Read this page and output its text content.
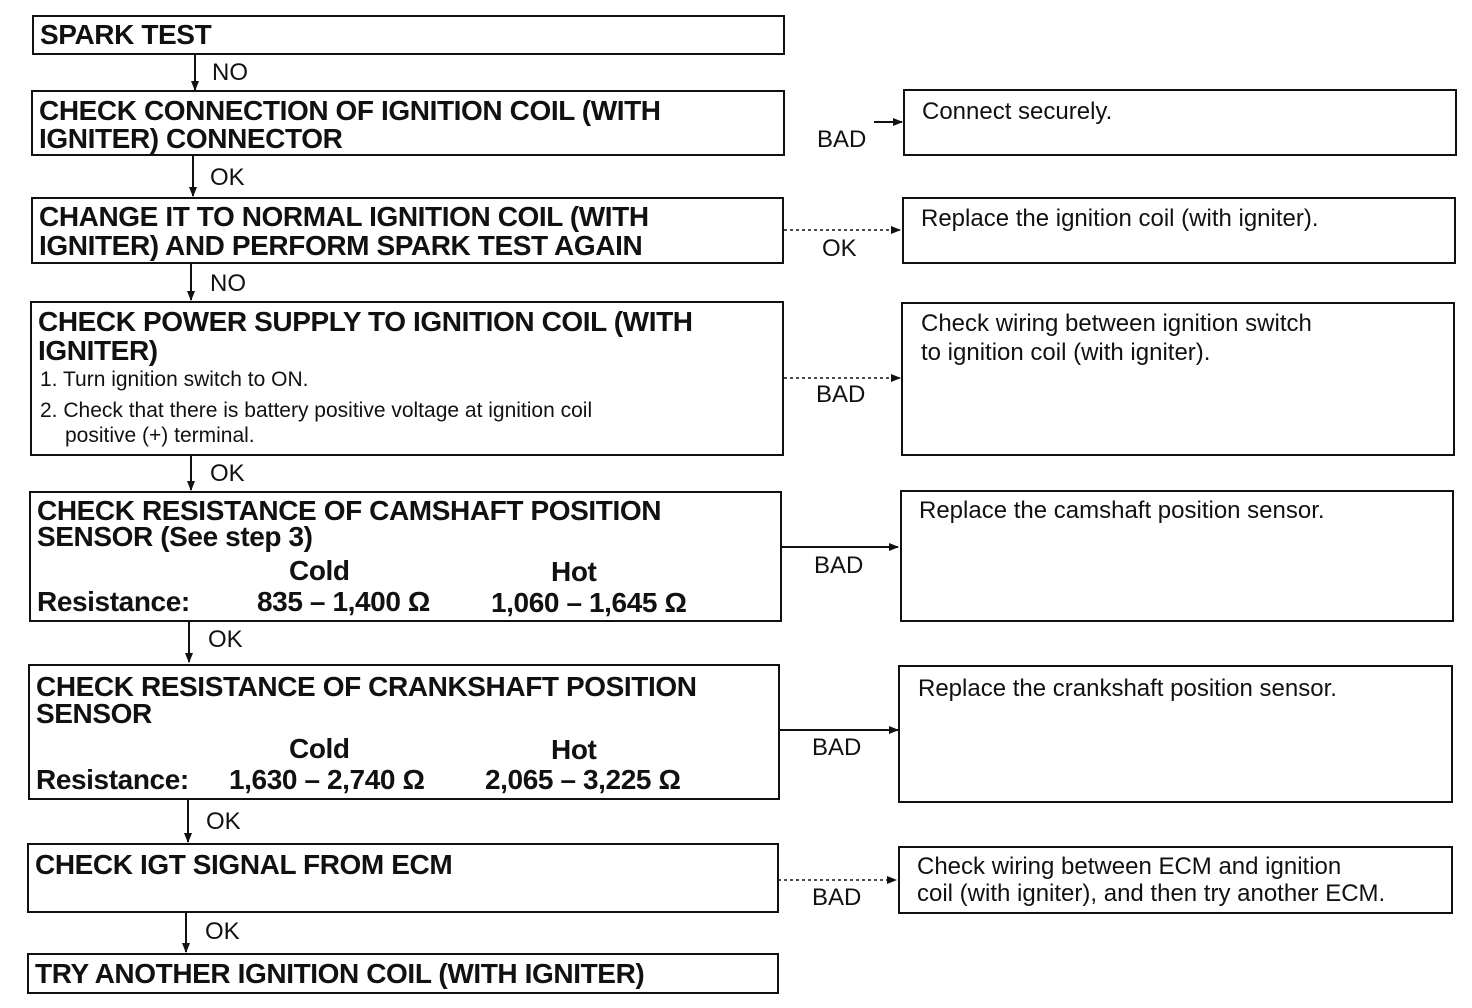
NO
OK
NO
OK
OK
OK
OK
BAD
OK
BAD
BAD
BAD
BAD
SPARK TEST
CHECK CONNECTION OF IGNITION COIL (WITH
IGNITER) CONNECTOR
CHANGE IT TO NORMAL IGNITION COIL (WITH
IGNITER) AND PERFORM SPARK TEST AGAIN
CHECK POWER SUPPLY TO IGNITION COIL (WITH
IGNITER)
1. Turn ignition switch to ON.
2. Check that there is battery positive voltage at ignition coil
positive (+) terminal.
CHECK RESISTANCE OF CAMSHAFT POSITION
SENSOR (See step 3)
Cold	Hot
Resistance: 835 – 1,400 Ω 1,060 – 1,645 Ω
CHECK RESISTANCE OF CRANKSHAFT POSITION
SENSOR
Cold	Hot
Resistance: 1,630 – 2,740 Ω 2,065 – 3,225 Ω
CHECK IGT SIGNAL FROM ECM
TRY ANOTHER IGNITION COIL (WITH IGNITER)
Connect securely.
Replace the ignition coil (with igniter).
Check wiring between ignition switch
to ignition coil (with igniter).
Replace the camshaft position sensor.
Replace the crankshaft position sensor.
Check wiring between ECM and ignition
coil (with igniter), and then try another ECM.
